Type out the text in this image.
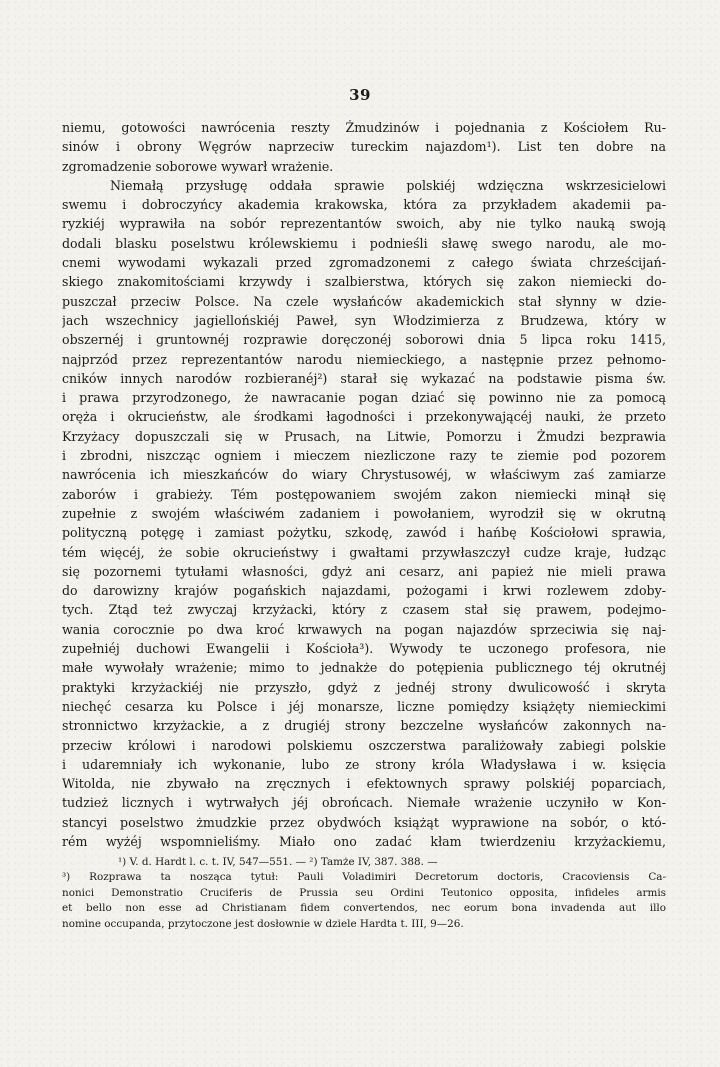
39
niemu, gotowości nawrócenia reszty Żmudzinów i pojednania z Kościołem Ru-
sinów i obrony Węgrów naprzeciw tureckim najazdom¹). List ten dobre na
zgromadzenie soborowe wywarł wrażenie.
Niemałą przysługę oddała sprawie polskiéj wdzięczna wskrzesicielowi
swemu i dobroczyńcy akademia krakowska, która za przykładem akademii pa-
ryzkiéj wyprawiła na sobór reprezentantów swoich, aby nie tylko nauką swoją
dodali blasku poselstwu królewskiemu i podnieśli sławę swego narodu, ale mo-
cnemi wywodami wykazali przed zgromadzonemi z całego świata chrześcijań-
skiego znakomitościami krzywdy i szalbierstwa, których się zakon niemiecki do-
puszczał przeciw Polsce. Na czele wysłańców akademickich stał słynny w dzie-
jach wszechnicy jagiellońskiéj Paweł, syn Włodzimierza z Brudzewa, który w
obszernéj i gruntownéj rozprawie doręczonéj soborowi dnia 5 lipca roku 1415,
najprzód przez reprezentantów narodu niemieckiego, a następnie przez pełnomo-
cników innych narodów rozbieranéj²) starał się wykazać na podstawie pisma św.
i prawa przyrodzonego, że nawracanie pogan dziać się powinno nie za pomocą
oręża i okrucieństw, ale środkami łagodności i przekonywającéj nauki, że przeto
Krzyżacy dopuszczali się w Prusach, na Litwie, Pomorzu i Żmudzi bezprawia
i zbrodni, niszcząc ogniem i mieczem niezliczone razy te ziemie pod pozorem
nawrócenia ich mieszkańców do wiary Chrystusowéj, w właściwym zaś zamiarze
zaborów i grabieży. Tém postępowaniem swojém zakon niemiecki minął się
zupełnie z swojém właściwém zadaniem i powołaniem, wyrodził się w okrutną
polityczną potęgę i zamiast pożytku, szkodę, zawód i hańbę Kościołowi sprawia,
tém więcéj, że sobie okrucieństwy i gwałtami przywłaszczył cudze kraje, łudząc
się pozornemi tytułami własności, gdyż ani cesarz, ani papież nie mieli prawa
do darowizny krajów pogańskich najazdami, pożogami i krwi rozlewem zdoby-
tych. Ztąd też zwyczaj krzyżacki, który z czasem stał się prawem, podejmo-
wania corocznie po dwa kroć krwawych na pogan najazdów sprzeciwia się naj-
zupełniéj duchowi Ewangelii i Kościoła³). Wywody te uczonego profesora, nie
małe wywołały wrażenie; mimo to jednakże do potępienia publicznego téj okrutnéj
praktyki krzyżackiéj nie przyszło, gdyż z jednéj strony dwulicowość i skryta
niechęć cesarza ku Polsce i jéj monarsze, liczne pomiędzy książęty niemieckimi
stronnictwo krzyżackie, a z drugiéj strony bezczelne wysłańców zakonnych na-
przeciw królowi i narodowi polskiemu oszczerstwa paraliżowały zabiegi polskie
i udaremniały ich wykonanie, lubo ze strony króla Władysława i w. księcia
Witolda, nie zbywało na zręcznych i efektownych sprawy polskiéj poparciach,
tudzież licznych i wytrwałych jéj obrońcach. Niemałe wrażenie uczyniło w Kon-
stancyi poselstwo żmudzkie przez obydwóch książąt wyprawione na sobór, o któ-
rém wyżéj wspomnieliśmy. Miało ono zadać kłam twierdzeniu krzyżackiemu,
¹) V. d. Hardt l. c. t. IV, 547—551. — ²) Tamże IV, 387. 388. —
³) Rozprawa ta nosząca tytuł: Pauli Voladimiri Decretorum doctoris, Cracoviensis Ca-
nonici Demonstratio Cruciferis de Prussia seu Ordini Teutonico opposita, infideles armis
et bello non esse ad Christianam fidem convertendos, nec eorum bona invadenda aut illo
nomine occupanda, przytoczone jest dosłownie w dziele Hardta t. III, 9—26.
